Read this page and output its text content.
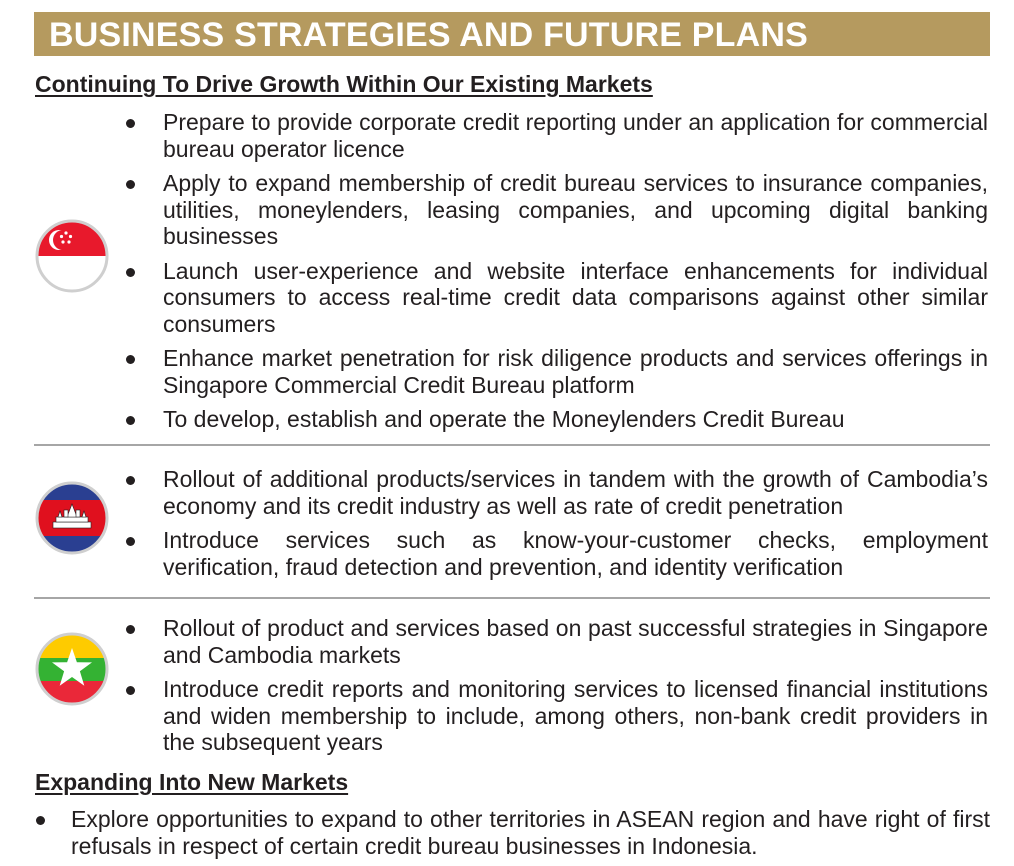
BUSINESS STRATEGIES AND FUTURE PLANS
Continuing To Drive Growth Within Our Existing Markets
Prepare to provide corporate credit reporting under an application for commercial bureau operator licence
Apply to expand membership of credit bureau services to insurance companies, utilities, moneylenders, leasing companies, and upcoming digital banking businesses
Launch user-experience and website interface enhancements for individual consumers to access real-time credit data comparisons against other similar consumers
Enhance market penetration for risk diligence products and services offerings in Singapore Commercial Credit Bureau platform
To develop, establish and operate the Moneylenders Credit Bureau
Rollout of additional products/services in tandem with the growth of Cambodia’s economy and its credit industry as well as rate of credit penetration
Introduce services such as know-your-customer checks, employment verification, fraud detection and prevention, and identity verification
Rollout of product and services based on past successful strategies in Singapore and Cambodia markets
Introduce credit reports and monitoring services to licensed financial institutions and widen membership to include, among others, non-bank credit providers in the subsequent years
Expanding Into New Markets
Explore opportunities to expand to other territories in ASEAN region and have right of first refusals in respect of certain credit bureau businesses in Indonesia.
